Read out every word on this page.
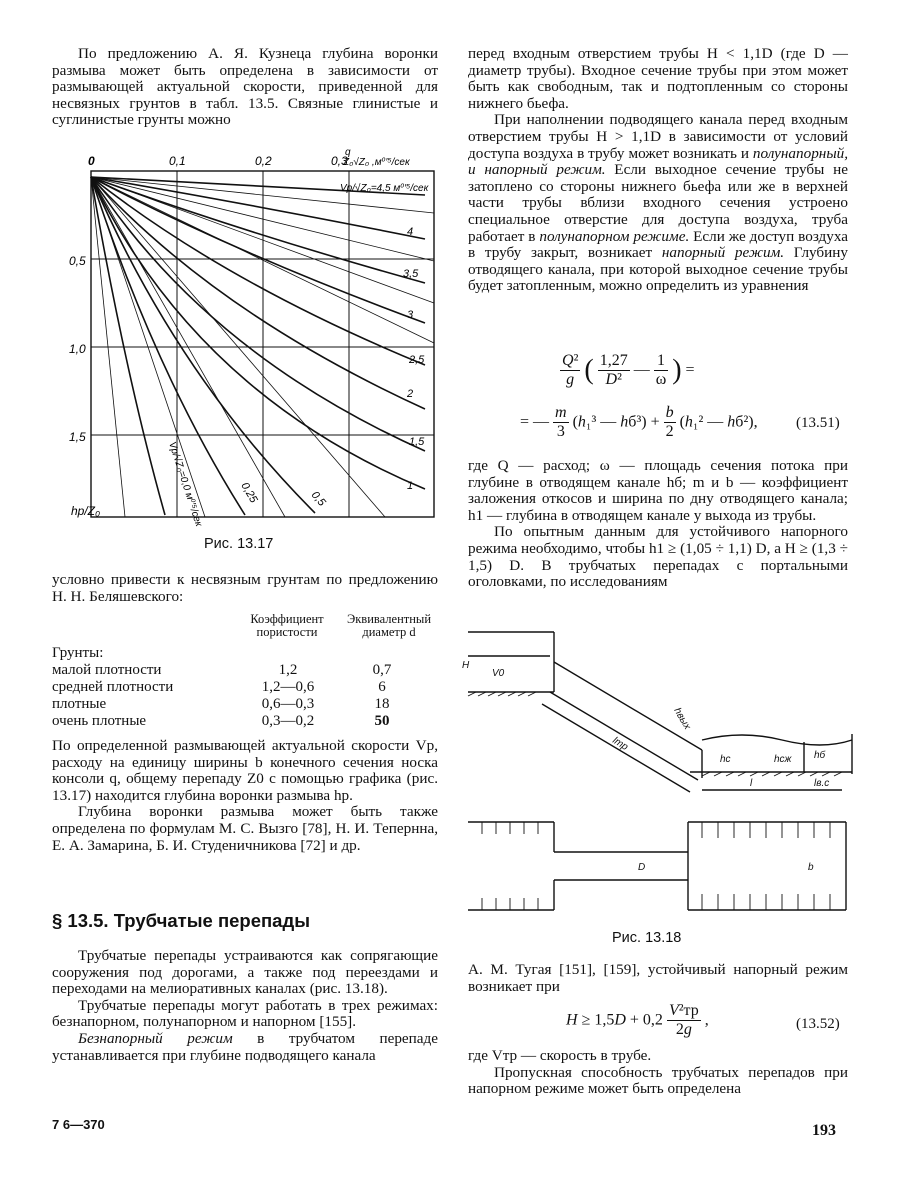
По предложению А. Я. Кузнеца глубина воронки размыва может быть определена в зависимости от размывающей актуальной скорости, приведенной для несвязных грунтов в табл. 13.5. Связные глинистые и суглинистые грунты можно

0	0,1	0,2	0,3
q
Z₀√Z₀ ,м⁰′⁵/сек
0,5
1,0
1,5
Vр/√Z₀=4,5 м⁰′⁵/сек
4
3,5
3
2,5
2
1,5
1
0,5
0,25
Vр/√Z₀=0,0 м⁰′⁵/сек
hр/Z₀
Рис. 13.17

условно привести к несвязным грунтам по предложению Н. Н. Беляшевского:

Коэффициент пористости
Эквивалентный диаметр d
Грунты:
малой плотности	1,2	0,7
средней плотности	1,2—0,6	6
плотные	0,6—0,3	18
очень плотные	0,3—0,2	50

По определенной размывающей актуальной скорости Vр, расходу на единицу ширины b конечного сечения носка консоли q, общему перепаду Z0 с помощью графика (рис. 13.17) находится глубина воронки размыва hр.

Глубина воронки размыва может быть также определена по формулам М. С. Вызго [78], Н. И. Тепернна, Е. А. Замарина, Б. И. Студеничникова [72] и др.

§ 13.5. Трубчатые перепады

Трубчатые перепады устраиваются как сопрягающие сооружения под дорогами, а также под переездами и переходами на мелиоративных каналах (рис. 13.18).

Трубчатые перепады могут работать в трех режимах: безнапорном, полунапорном и напорном [155].

Безнапорный режим в трубчатом перепаде устанавливается при глубине подводящего канала

7 6—370

перед входным отверстием трубы H < 1,1D (где D — диаметр трубы). Входное сечение трубы при этом может быть как свободным, так и подтопленным со стороны нижнего бьефа.

При наполнении подводящего канала перед входным отверстием трубы H > 1,1D в зависимости от условий доступа воздуха в трубу может возникать и полунапорный, и напорный режим. Если выходное сечение трубы не затоплено со стороны нижнего бьефа или же в верхней части трубы вблизи входного сечения устроено специальное отверстие для доступа воздуха, труба работает в полунапорном режиме. Если же доступ воздуха в трубу закрыт, возникает напорный режим. Глубину отводящего канала, при которой выходное сечение трубы будет затопленным, можно определить из уравнения

$\frac{\text{Q²}}{g}$ ( $\frac{1,27}{\text{D²}}$ — $\frac{1}{\omega}$ ) =
= — $\frac{m}{3} (h_1^3$ — $hб^3) + \frac{b}{2} (h_1^2$ — hб²),	(13.51)

где Q — расход; ω — площадь сечения потока при глубине в отводящем канале hб; m и b — коэффициент заложения откосов и ширина по дну отводящего канала; h1 — глубина в отводящем канале у выхода из трубы.

По опытным данным для устойчивого напорного режима необходимо, чтобы h1 ≥ (1,05 ÷ 1,1) D, а H ≥ (1,3 ÷ 1,5) D. В трубчатых перепадах с портальными оголовками, по исследованиям

H
V0
hвых
lтр
hс	hсж hб
l	lв.с
D	b
Рис. 13.18

А. М. Тугая [151], [159], устойчивый напорный режим возникает при

$H \ge 1,5D + 0,2 \frac{\text{V²тр}}{2g}$ ,	(13.52)

где Vтр — скорость в трубе.

Пропускная способность трубчатых перепадов при напорном режиме может быть определена

193
